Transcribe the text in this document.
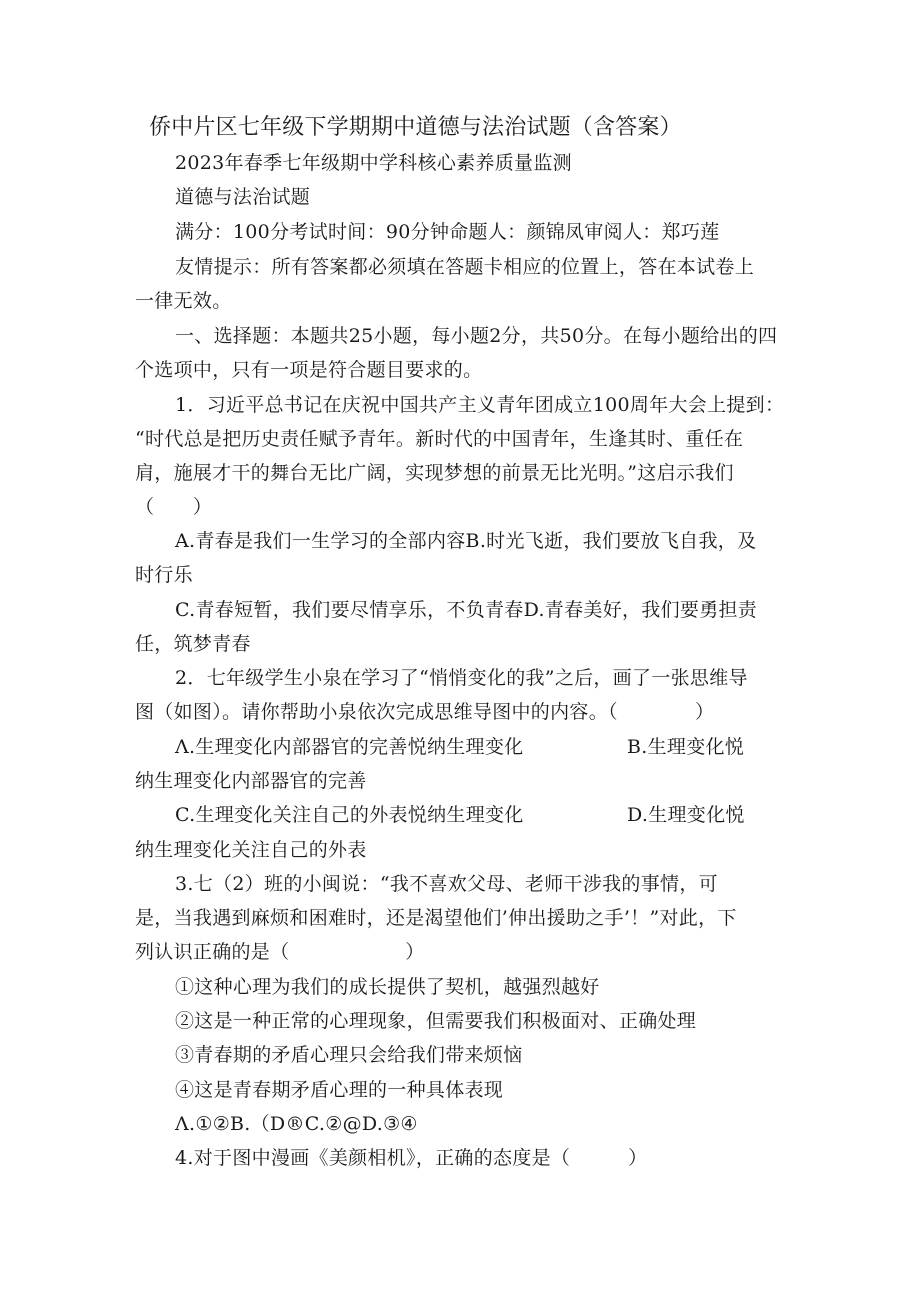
侨中片区七年级下学期期中道德与法治试题（含答案）
2023年春季七年级期中学科核心素养质量监测
道德与法治试题
满分：100分考试时间：90分钟命题人：颜锦凤审阅人：郑巧莲
友情提示：所有答案都必须填在答题卡相应的位置上，答在本试卷上
一律无效。
一、选择题：本题共25小题，每小题2分，共50分。在每小题给出的四
个选项中，只有一项是符合题目要求的。
1．习近平总书记在庆祝中国共产主义青年团成立100周年大会上提到：
“时代总是把历史责任赋予青年。新时代的中国青年，生逢其时、重任在
肩，施展才干的舞台无比广阔，实现梦想的前景无比光明。”这启示我们
（　　）
A.青春是我们一生学习的全部内容B.时光飞逝，我们要放飞自我，及
时行乐
C.青春短暂，我们要尽情享乐，不负青春D.青春美好，我们要勇担责
任，筑梦青春
2．七年级学生小泉在学习了“悄悄变化的我”之后，画了一张思维导
图（如图）。请你帮助小泉依次完成思维导图中的内容。（　　　　）
Λ.生理变化内部器官的完善悦纳生理变化	B.生理变化悦
纳生理变化内部器官的完善
C.生理变化关注自己的外表悦纳生理变化	D.生理变化悦
纳生理变化关注自己的外表
3.七（2）班的小闽说：“我不喜欢父母、老师干涉我的事情，可
是，当我遇到麻烦和困难时，还是渴望他们’伸出援助之手’！”对此，下
列认识正确的是（　　　　　　）
①这种心理为我们的成长提供了契机，越强烈越好
②这是一种正常的心理现象，但需要我们积极面对、正确处理
③青春期的矛盾心理只会给我们带来烦恼
④这是青春期矛盾心理的一种具体表现
Λ.①②B.（D®C.②@D.③④
4.对于图中漫画《美颜相机》，正确的态度是（　　　）
